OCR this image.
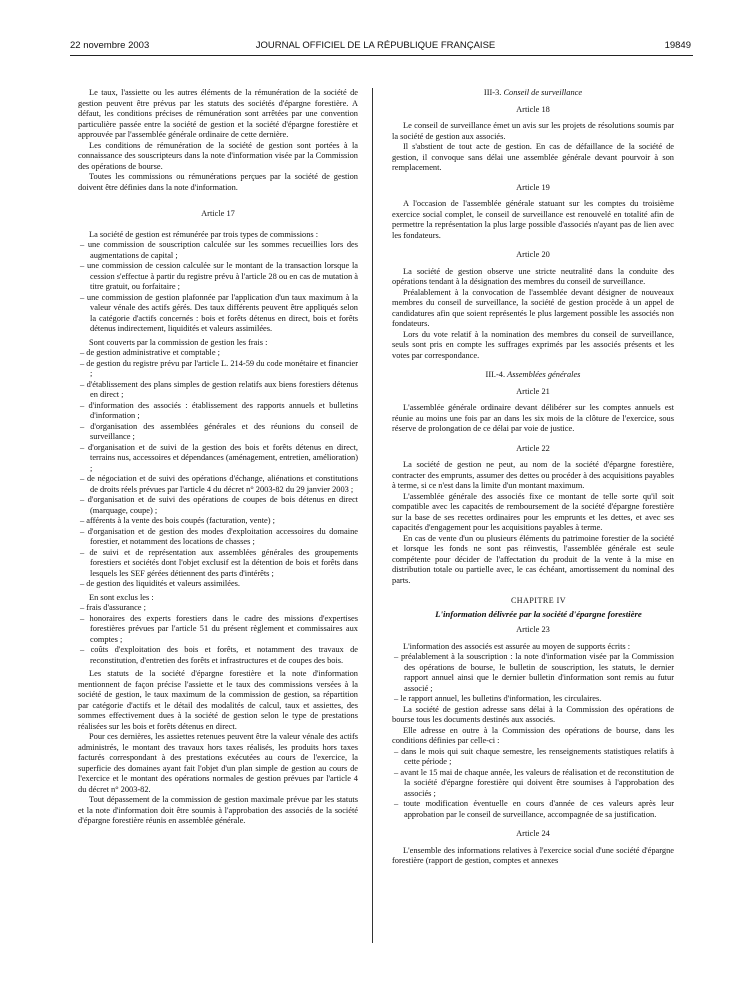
22 novembre 2003	JOURNAL OFFICIEL DE LA RÉPUBLIQUE FRANÇAISE	19849

Le taux, l'assiette ou les autres éléments de la rémunération de la société de gestion peuvent être prévus par les statuts des sociétés d'épargne forestière. A défaut, les conditions précises de rémunération sont arrêtées par une convention particulière passée entre la société de gestion et la société d'épargne forestière et approuvée par l'assemblée générale ordinaire de cette dernière.

Les conditions de rémunération de la société de gestion sont portées à la connaissance des souscripteurs dans la note d'information visée par la Commission des opérations de bourse.

Toutes les commissions ou rémunérations perçues par la société de gestion doivent être définies dans la note d'information.

Article 17

La société de gestion est rémunérée par trois types de commissions :

– une commission de souscription calculée sur les sommes recueillies lors des augmentations de capital ;
– une commission de cession calculée sur le montant de la transaction lorsque la cession s'effectue à partir du registre prévu à l'article 28 ou en cas de mutation à titre gratuit, ou forfaitaire ;
– une commission de gestion plafonnée par l'application d'un taux maximum à la valeur vénale des actifs gérés. Des taux différents peuvent être appliqués selon la catégorie d'actifs concernés : bois et forêts détenus en direct, bois et forêts détenus indirectement, liquidités et valeurs assimilées.

Sont couverts par la commission de gestion les frais :

– de gestion administrative et comptable ;
– de gestion du registre prévu par l'article L. 214-59 du code monétaire et financier ;
– d'établissement des plans simples de gestion relatifs aux biens forestiers détenus en direct ;
– d'information des associés : établissement des rapports annuels et bulletins d'information ;
– d'organisation des assemblées générales et des réunions du conseil de surveillance ;
– d'organisation et de suivi de la gestion des bois et forêts détenus en direct, terrains nus, accessoires et dépendances (aménagement, entretien, amélioration) ;
– de négociation et de suivi des opérations d'échange, aliénations et constitutions de droits réels prévues par l'article 4 du décret n° 2003-82 du 29 janvier 2003 ;
– d'organisation et de suivi des opérations de coupes de bois détenus en direct (marquage, coupe) ;
– afférents à la vente des bois coupés (facturation, vente) ;
– d'organisation et de gestion des modes d'exploitation accessoires du domaine forestier, et notamment des locations de chasses ;
– de suivi et de représentation aux assemblées générales des groupements forestiers et sociétés dont l'objet exclusif est la détention de bois et forêts dans lesquels les SEF gérées détiennent des parts d'intérêts ;
– de gestion des liquidités et valeurs assimilées.

En sont exclus les :

– frais d'assurance ;
– honoraires des experts forestiers dans le cadre des missions d'expertises forestières prévues par l'article 51 du présent règlement et commissaires aux comptes ;
– coûts d'exploitation des bois et forêts, et notamment des travaux de reconstitution, d'entretien des forêts et infrastructures et de coupes des bois.

Les statuts de la société d'épargne forestière et la note d'information mentionnent de façon précise l'assiette et le taux des commissions versées à la société de gestion, le taux maximum de la commission de gestion, sa répartition par catégorie d'actifs et le détail des modalités de calcul, taux et assiettes, des sommes effectivement dues à la société de gestion selon le type de prestations réalisées sur les bois et forêts détenus en direct.

Pour ces dernières, les assiettes retenues peuvent être la valeur vénale des actifs administrés, le montant des travaux hors taxes réalisés, les produits hors taxes facturés correspondant à des prestations exécutées au cours de l'exercice, la superficie des domaines ayant fait l'objet d'un plan simple de gestion au cours de l'exercice et le montant des opérations normales de gestion prévues par l'article 4 du décret n° 2003-82.

Tout dépassement de la commission de gestion maximale prévue par les statuts et la note d'information doit être soumis à l'approbation des associés de la société d'épargne forestière réunis en assemblée générale.

III-3. Conseil de surveillance

Article 18

Le conseil de surveillance émet un avis sur les projets de résolutions soumis par la société de gestion aux associés.

Il s'abstient de tout acte de gestion. En cas de défaillance de la société de gestion, il convoque sans délai une assemblée générale devant pourvoir à son remplacement.

Article 19

A l'occasion de l'assemblée générale statuant sur les comptes du troisième exercice social complet, le conseil de surveillance est renouvelé en totalité afin de permettre la représentation la plus large possible d'associés n'ayant pas de lien avec les fondateurs.

Article 20

La société de gestion observe une stricte neutralité dans la conduite des opérations tendant à la désignation des membres du conseil de surveillance.

Préalablement à la convocation de l'assemblée devant désigner de nouveaux membres du conseil de surveillance, la société de gestion procède à un appel de candidatures afin que soient représentés le plus largement possible les associés non fondateurs.

Lors du vote relatif à la nomination des membres du conseil de surveillance, seuls sont pris en compte les suffrages exprimés par les associés présents et les votes par correspondance.

III.-4. Assemblées générales

Article 21

L'assemblée générale ordinaire devant délibérer sur les comptes annuels est réunie au moins une fois par an dans les six mois de la clôture de l'exercice, sous réserve de prolongation de ce délai par voie de justice.

Article 22

La société de gestion ne peut, au nom de la société d'épargne forestière, contracter des emprunts, assumer des dettes ou procéder à des acquisitions payables à terme, si ce n'est dans la limite d'un montant maximum.

L'assemblée générale des associés fixe ce montant de telle sorte qu'il soit compatible avec les capacités de remboursement de la société d'épargne forestière sur la base de ses recettes ordinaires pour les emprunts et les dettes, et avec ses capacités d'engagement pour les acquisitions payables à terme.

En cas de vente d'un ou plusieurs éléments du patrimoine forestier de la société et lorsque les fonds ne sont pas réinvestis, l'assemblée générale est seule compétente pour décider de l'affectation du produit de la vente à la mise en distribution totale ou partielle avec, le cas échéant, amortissement du nominal des parts.

CHAPITRE IV

L'information délivrée par la société d'épargne forestière

Article 23

L'information des associés est assurée au moyen de supports écrits :

– préalablement à la souscription : la note d'information visée par la Commission des opérations de bourse, le bulletin de souscription, les statuts, le dernier rapport annuel ainsi que le dernier bulletin d'information sont remis au futur associé ;
– le rapport annuel, les bulletins d'information, les circulaires.

La société de gestion adresse sans délai à la Commission des opérations de bourse tous les documents destinés aux associés.

Elle adresse en outre à la Commission des opérations de bourse, dans les conditions définies par celle-ci :

– dans le mois qui suit chaque semestre, les renseignements statistiques relatifs à cette période ;
– avant le 15 mai de chaque année, les valeurs de réalisation et de reconstitution de la société d'épargne forestière qui doivent être soumises à l'approbation des associés ;
– toute modification éventuelle en cours d'année de ces valeurs après leur approbation par le conseil de surveillance, accompagnée de sa justification.

Article 24

L'ensemble des informations relatives à l'exercice social d'une société d'épargne forestière (rapport de gestion, comptes et annexes
